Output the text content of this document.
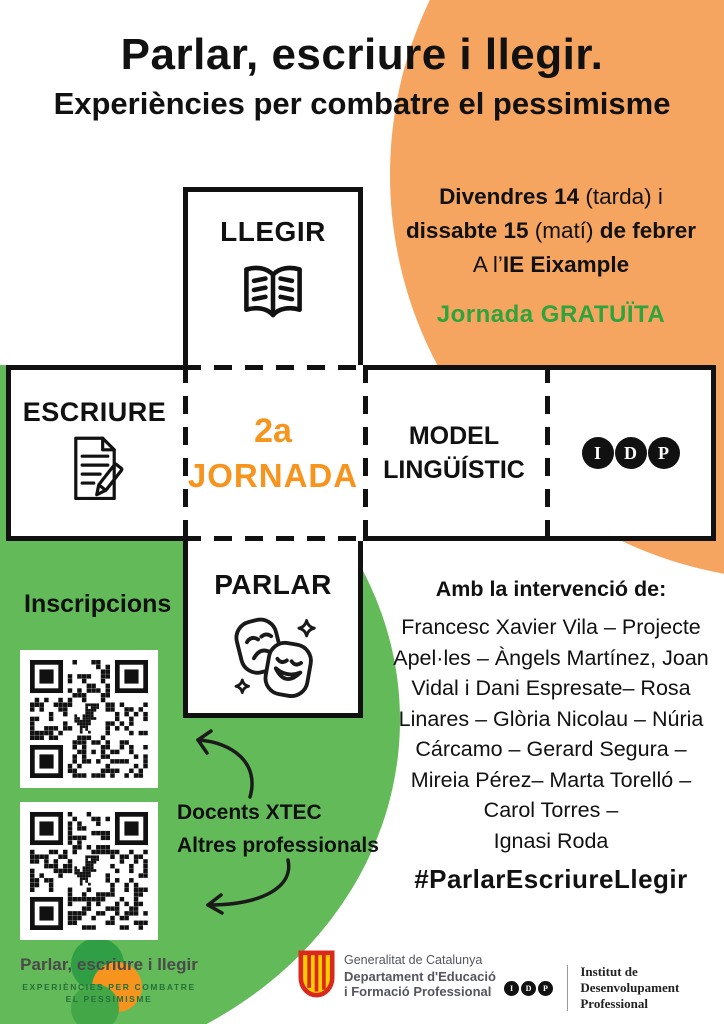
Parlar, escriure i llegir.
Experiències per combatre el pessimisme
Divendres 14 (tarda) i
dissabte 15 (matí) de febrer
A l’IE Eixample
Jornada GRATUÏTA
LLEGIR
ESCRIURE	2a
JORNADA
MODEL
LINGÜÍSTIC
I	D	P
PARLAR
Inscripcions
Docents XTEC
Altres professionals
Amb la intervenció de:
Francesc Xavier Vila – Projecte
Apel·les – Àngels Martínez, Joan
Vidal i Dani Espresate– Rosa
Linares – Glòria Nicolau – Núria
Cárcamo – Gerard Segura –
Mireia Pérez– Marta Torelló –
Carol Torres –
Ignasi Roda
#ParlarEscriureLlegir
Parlar, escriure i llegir
EXPERIÈNCIES PER COMBATRE
EL PESSIMISME
Generalitat de Catalunya
Departament d'Educació
i Formació Professional	I	D	P
Institut de Desenvolupament
Professional
